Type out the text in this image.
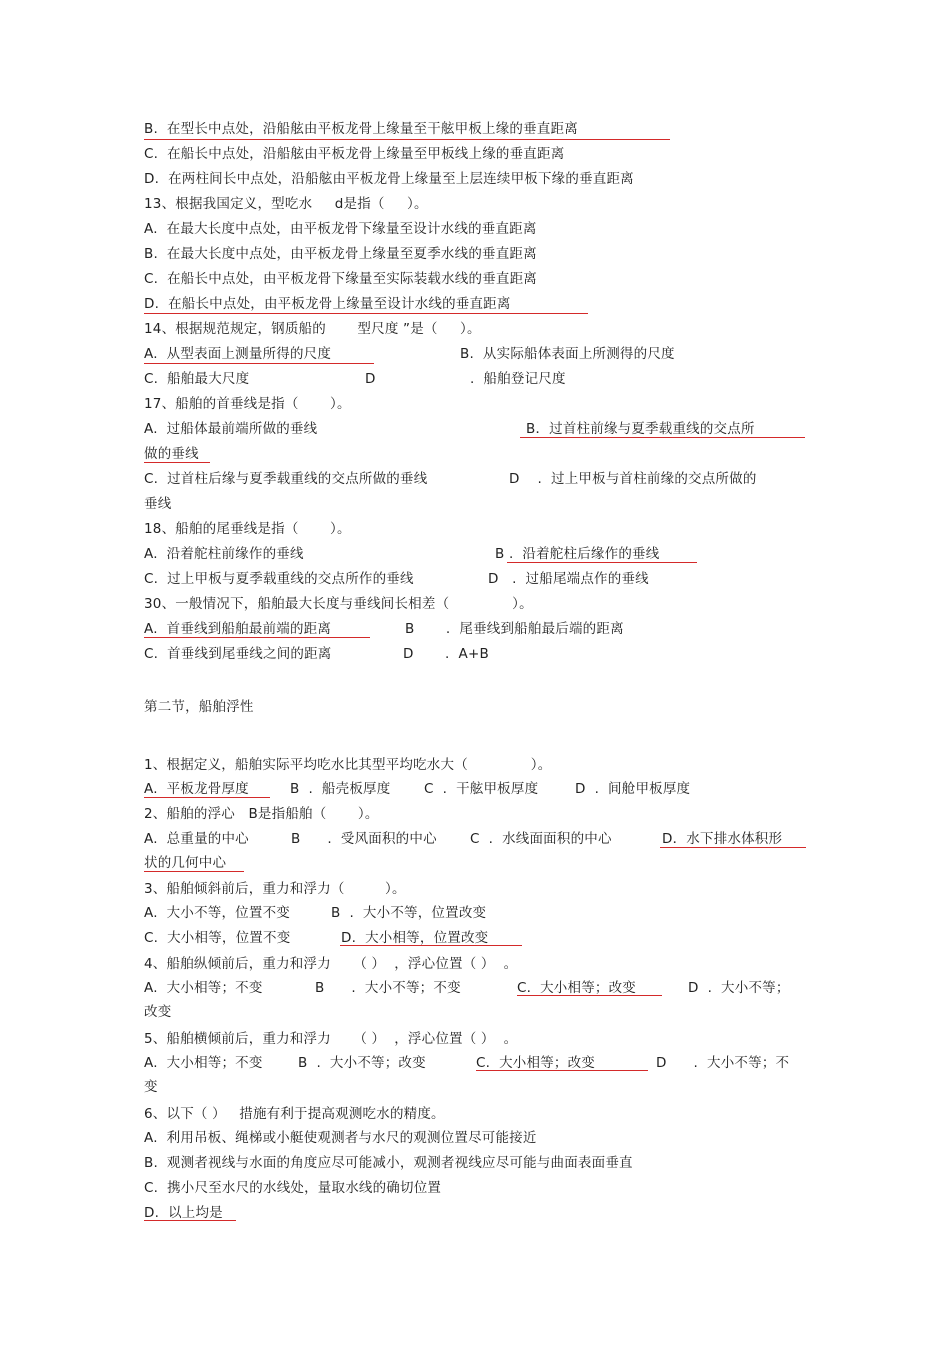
B.  在型长中点处，沿船舷由平板龙骨上缘量至干舷甲板上缘的垂直距离
C.  在船长中点处，沿船舷由平板龙骨上缘量至甲板线上缘的垂直距离
D.  在两柱间长中点处，沿船舷由平板龙骨上缘量至上层连续甲板下缘的垂直距离
13、根据我国定义，型吃水     d是指（     ）。
A.  在最大长度中点处，由平板龙骨下缘量至设计水线的垂直距离
B.  在最大长度中点处，由平板龙骨上缘量至夏季水线的垂直距离
C.  在船长中点处，由平板龙骨下缘量至实际装载水线的垂直距离
D.  在船长中点处，由平板龙骨上缘量至设计水线的垂直距离
14、根据规范规定，钢质船的       型尺度 ”是（     ）。
A.  从型表面上测量所得的尺度	B.  从实际船体表面上所测得的尺度
C.  船舶最大尺度	D	.  船舶登记尺度
17、船舶的首垂线是指（       ）。
A.  过船体最前端所做的垂线	B．过首柱前缘与夏季载重线的交点所
做的垂线
C.  过首柱后缘与夏季载重线的交点所做的垂线	D    .  过上甲板与首柱前缘的交点所做的
垂线
18、船舶的尾垂线是指（       ）。
A.  沿着舵柱前缘作的垂线	B .  沿着舵柱后缘作的垂线
C.  过上甲板与夏季载重线的交点所作的垂线	D   .  过船尾端点作的垂线
30、一般情况下，船舶最大长度与垂线间长相差（              ）。
A.  首垂线到船舶最前端的距离	B       .  尾垂线到船舶最后端的距离
C.  首垂线到尾垂线之间的距离	D       .  A+B
第二节，船舶浮性
1、根据定义，船舶实际平均吃水比其型平均吃水大（              ）。
A.  平板龙骨厚度	B  .  船壳板厚度 C  .  干舷甲板厚度	D  .  间舱甲板厚度
2、船舶的浮心   B是指船舶（       ）。
A.  总重量的中心	B      .  受风面积的中心 C  .  水线面面积的中心	D．水下排水体积形
状的几何中心
3、船舶倾斜前后，重力和浮力（         ）。
A.  大小不等，位置不变	B  .  大小不等，位置改变
C.  大小相等，位置不变	D.  大小相等，位置改变
4、船舶纵倾前后，重力和浮力     （ ）  ，浮心位置（ ）  。
A.  大小相等；不变	B      .  大小不等；不变	C.  大小相等；改变	D  .  大小不等；
改变
5、船舶横倾前后，重力和浮力     （ ）  ，浮心位置（ ）  。
A.  大小相等；不变	B  .  大小不等；改变	C.  大小相等；改变	D      .  大小不等；不
变
6、以下（ ）   措施有利于提高观测吃水的精度。
A.  利用吊板、绳梯或小艇使观测者与水尺的观测位置尽可能接近
B.  观测者视线与水面的角度应尽可能减小，观测者视线应尽可能与曲面表面垂直
C.  携小尺至水尺的水线处，量取水线的确切位置
D.  以上均是
